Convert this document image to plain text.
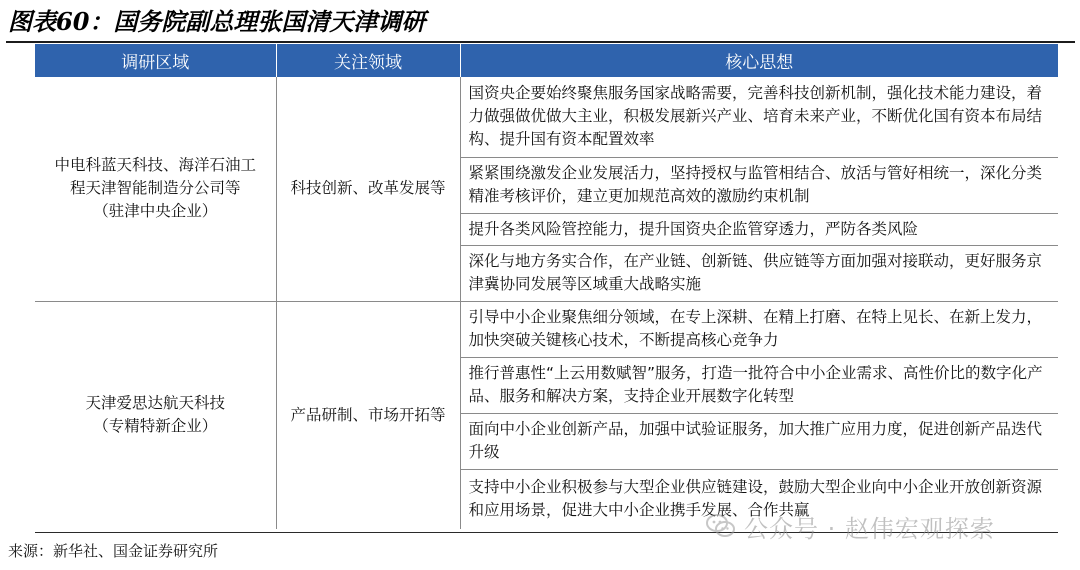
图表60：国务院副总理张国清天津调研
调研区域	关注领域	核心思想

中电科蓝天科技、海洋石油工
程天津智能制造分公司等
（驻津中央企业）	科技创新、改革发展等	国资央企要始终聚焦服务国家战略需要，完善科技创新机制，强化技术能力建设，着力做强做优做大主业，积极发展新兴产业、培育未来产业，不断优化国有资本布局结构、提升国有资本配置效率
		紧紧围绕激发企业发展活力，坚持授权与监管相结合、放活与管好相统一，深化分类精准考核评价，建立更加规范高效的激励约束机制
		提升各类风险管控能力，提升国资央企监管穿透力，严防各类风险
		深化与地方务实合作，在产业链、创新链、供应链等方面加强对接联动，更好服务京津冀协同发展等区域重大战略实施

天津爱思达航天科技
（专精特新企业）	产品研制、市场开拓等	引导中小企业聚焦细分领域，在专上深耕、在精上打磨、在特上见长、在新上发力，加快突破关键核心技术，不断提高核心竞争力
		推行普惠性“上云用数赋智”服务，打造一批符合中小企业需求、高性价比的数字化产品、服务和解决方案，支持企业开展数字化转型
		面向中小企业创新产品，加强中试验证服务，加大推广应用力度，促进创新产品迭代升级
		支持中小企业积极参与大型企业供应链建设，鼓励大型企业向中小企业开放创新资源和应用场景，促进大中小企业携手发展、合作共赢
来源：新华社、国金证券研究所
公众号 · 赵伟宏观探索
